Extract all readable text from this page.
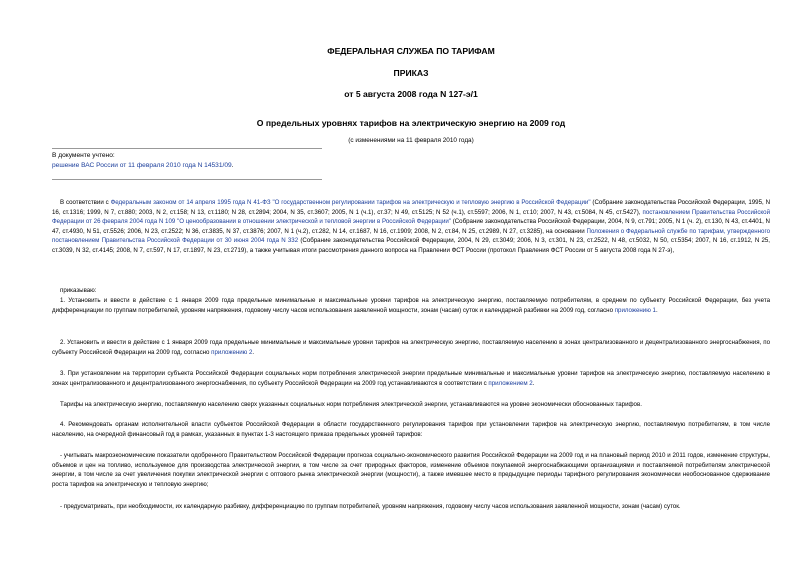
ФЕДЕРАЛЬНАЯ СЛУЖБА ПО ТАРИФАМ

ПРИКАЗ

от 5 августа 2008 года N 127-э/1

О предельных уровнях тарифов на электрическую энергию на 2009 год

(с изменениями на 11 февраля 2010 года)
В документе учтено:
решение ВАС России от 11 февраля 2010 года N 14531/09.

В соответствии с Федеральным законом от 14 апреля 1995 года N 41-ФЗ "О государственном регулировании тарифов на электрическую и тепловую энергию в Российской Федерации" (Собрание законодательства Российской Федерации, 1995, N 16, ст.1316; 1999, N 7, ст.880; 2003, N 2, ст.158; N 13, ст.1180; N 28, ст.2894; 2004, N 35, ст.3607; 2005, N 1 (ч.1), ст.37; N 49, ст.5125; N 52 (ч.1), ст.5597; 2006, N 1, ст.10; 2007, N 43, ст.5084, N 45, ст.5427), постановлением Правительства Российской Федерации от 26 февраля 2004 года N 109 "О ценообразовании в отношении электрической и тепловой энергии в Российской Федерации" (Собрание законодательства Российской Федерации, 2004, N 9, ст.791; 2005, N 1 (ч. 2), ст.130, N 43, ст.4401, N 47, ст.4930, N 51, ст.5526; 2006, N 23, ст.2522; N 36, ст.3835, N 37, ст.3876; 2007, N 1 (ч.2), ст.282, N 14, ст.1687, N 16, ст.1909; 2008, N 2, ст.84, N 25, ст.2989, N 27, ст.3285), на основании Положения о Федеральной службе по тарифам, утвержденного постановлением Правительства Российской Федерации от 30 июня 2004 года N 332 (Собрание законодательства Российской Федерации, 2004, N 29, ст.3049; 2006, N 3, ст.301, N 23, ст.2522, N 48, ст.5032, N 50, ст.5354; 2007, N 16, ст.1912, N 25, ст.3039, N 32, ст.4145; 2008, N 7, ст.597, N 17, ст.1897, N 23, ст.2719), а также учитывая итоги рассмотрения данного вопроса на Правлении ФСТ России (протокол Правления ФСТ России от 5 августа 2008 года N 27-э),

приказываю:

1. Установить и ввести в действие с 1 января 2009 года предельные минимальные и максимальные уровни тарифов на электрическую энергию, поставляемую потребителям, в среднем по субъекту Российской Федерации, без учета дифференциации по группам потребителей, уровням напряжения, годовому числу часов использования заявленной мощности, зонам (часам) суток и календарной разбивки на 2009 год, согласно приложению 1.

2. Установить и ввести в действие с 1 января 2009 года предельные минимальные и максимальные уровни тарифов на электрическую энергию, поставляемую населению в зонах централизованного и децентрализованного энергоснабжения, по субъекту Российской Федерации на 2009 год, согласно приложению 2.

3. При установлении на территории субъекта Российской Федерации социальных норм потребления электрической энергии предельные минимальные и максимальные уровни тарифов на электрическую энергию, поставляемую населению в зонах централизованного и децентрализованного энергоснабжения, по субъекту Российской Федерации на 2009 год устанавливаются в соответствии с приложением 2.

Тарифы на электрическую энергию, поставляемую населению сверх указанных социальных норм потребления электрической энергии, устанавливаются на уровне экономически обоснованных тарифов.

4. Рекомендовать органам исполнительной власти субъектов Российской Федерации в области государственного регулирования тарифов при установлении тарифов на электрическую энергию, поставляемую потребителям, в том числе населению, на очередной финансовый год в рамках, указанных в пунктах 1-3 настоящего приказа предельных уровней тарифов:

- учитывать макроэкономические показатели одобренного Правительством Российской Федерации прогноза социально-экономического развития Российской Федерации на 2009 год и на плановый период 2010 и 2011 годов, изменение структуры, объемов и цен на топливо, используемое для производства электрической энергии, в том числе за счет природных факторов, изменение объемов покупаемой энергоснабжающими организациями и поставляемой потребителям электрической энергии, в том числе за счет увеличения покупки электрической энергии с оптового рынка электрической энергии (мощности), а также имевшее место в предыдущие периоды тарифного регулирования экономически необоснованное сдерживание роста тарифов на электрическую и тепловую энергию;

- предусматривать, при необходимости, их календарную разбивку, дифференциацию по группам потребителей, уровням напряжения, годовому числу часов использования заявленной мощности, зонам (часам) суток.
